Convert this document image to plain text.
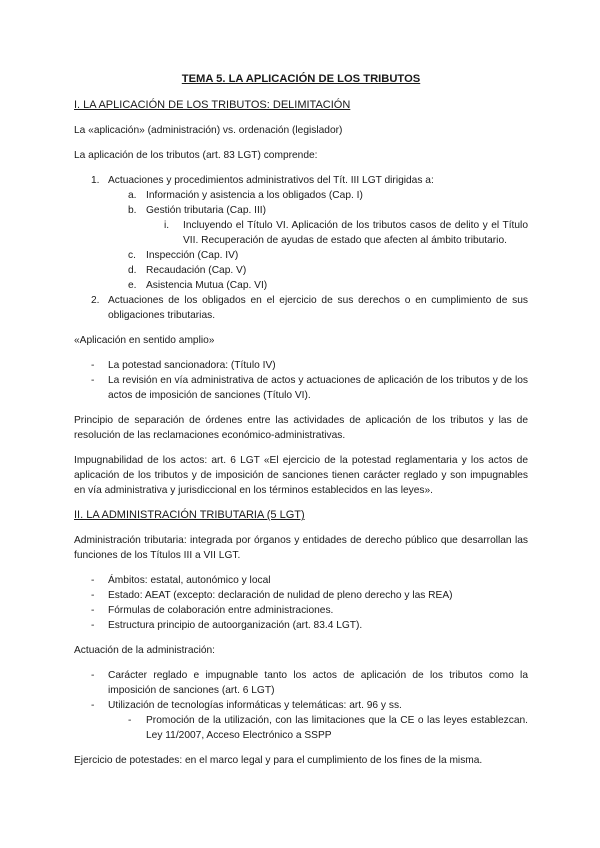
TEMA 5. LA APLICACIÓN DE LOS TRIBUTOS
I. LA APLICACIÓN DE LOS TRIBUTOS: DELIMITACIÓN

La «aplicación» (administración) vs. ordenación (legislador)

La aplicación de los tributos (art. 83 LGT) comprende:

1. Actuaciones y procedimientos administrativos del Tít. III LGT dirigidas a:
a. Información y asistencia a los obligados (Cap. I)
b. Gestión tributaria (Cap. III)
i. Incluyendo el Título VI. Aplicación de los tributos casos de delito y el Título VII. Recuperación de ayudas de estado que afecten al ámbito tributario.
c. Inspección (Cap. IV)
d. Recaudación (Cap. V)
e. Asistencia Mutua (Cap. VI)
2. Actuaciones de los obligados en el ejercicio de sus derechos o en cumplimiento de sus obligaciones tributarias.

«Aplicación en sentido amplio»

- La potestad sancionadora: (Título IV)
- La revisión en vía administrativa de actos y actuaciones de aplicación de los tributos y de los actos de imposición de sanciones (Título VI).

Principio de separación de órdenes entre las actividades de aplicación de los tributos y las de resolución de las reclamaciones económico-administrativas.

Impugnabilidad de los actos: art. 6 LGT «El ejercicio de la potestad reglamentaria y los actos de aplicación de los tributos y de imposición de sanciones tienen carácter reglado y son impugnables en vía administrativa y jurisdiccional en los términos establecidos en las leyes».

II. LA ADMINISTRACIÓN TRIBUTARIA (5 LGT)

Administración tributaria: integrada por órganos y entidades de derecho público que desarrollan las funciones de los Títulos III a VII LGT.

- Ámbitos: estatal, autonómico y local
- Estado: AEAT (excepto: declaración de nulidad de pleno derecho y las REA)
- Fórmulas de colaboración entre administraciones.
- Estructura principio de autoorganización (art. 83.4 LGT).

Actuación de la administración:

- Carácter reglado e impugnable tanto los actos de aplicación de los tributos como la imposición de sanciones (art. 6 LGT)
- Utilización de tecnologías informáticas y telemáticas: art. 96 y ss.
- Promoción de la utilización, con las limitaciones que la CE o las leyes establezcan. Ley 11/2007, Acceso Electrónico a SSPP

Ejercicio de potestades: en el marco legal y para el cumplimiento de los fines de la misma.
